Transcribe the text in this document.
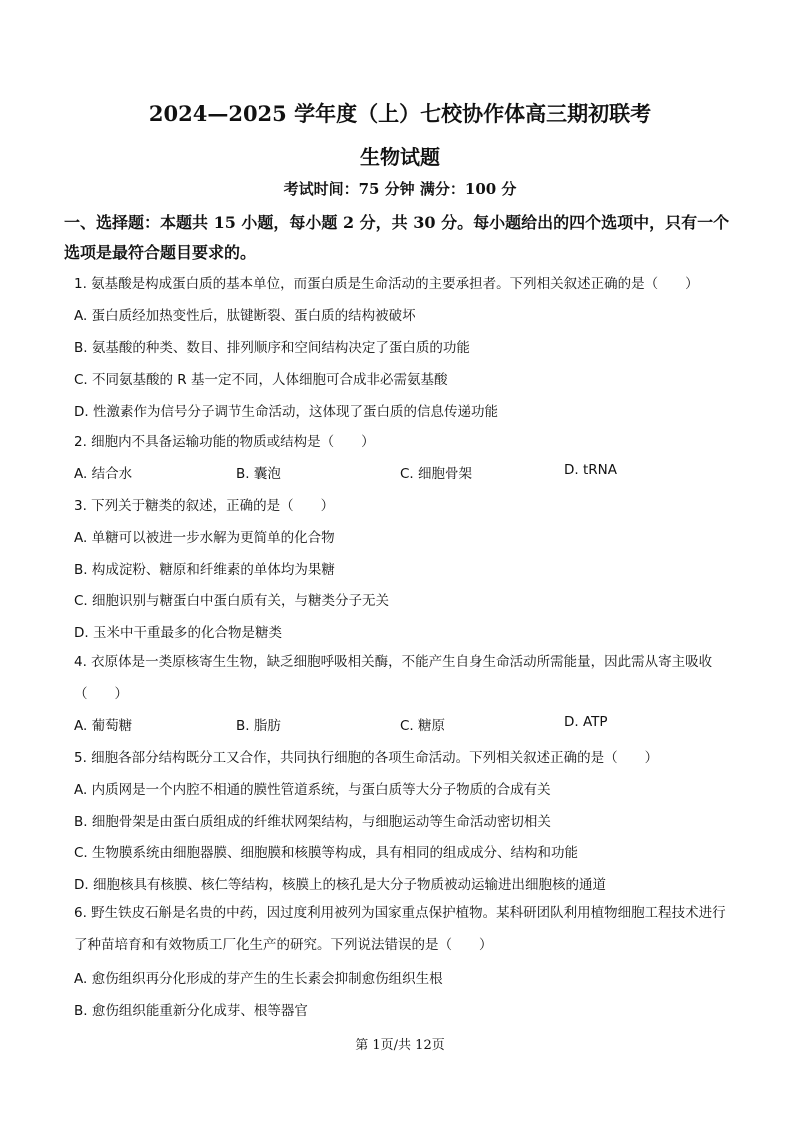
2024—2025 学年度（上）七校协作体高三期初联考
生物试题
考试时间：75 分钟 满分：100 分
一、选择题：本题共 15 小题，每小题 2 分，共 30 分。每小题给出的四个选项中，只有一个选项是最符合题目要求的。
1. 氨基酸是构成蛋白质的基本单位，而蛋白质是生命活动的主要承担者。下列相关叙述正确的是（　　）
A. 蛋白质经加热变性后，肽键断裂、蛋白质的结构被破坏
B. 氨基酸的种类、数目、排列顺序和空间结构决定了蛋白质的功能
C. 不同氨基酸的 R 基一定不同，人体细胞可合成非必需氨基酸
D. 性激素作为信号分子调节生命活动，这体现了蛋白质的信息传递功能
2. 细胞内不具备运输功能的物质或结构是（　　）
A. 结合水	B. 囊泡	C. 细胞骨架	D. tRNA
3. 下列关于糖类的叙述，正确的是（　　）
A. 单糖可以被进一步水解为更简单的化合物
B. 构成淀粉、糖原和纤维素的单体均为果糖
C. 细胞识别与糖蛋白中蛋白质有关，与糖类分子无关
D. 玉米中干重最多的化合物是糖类
4. 衣原体是一类原核寄生生物，缺乏细胞呼吸相关酶，不能产生自身生命活动所需能量，因此需从寄主吸收（　　）
A. 葡萄糖	B. 脂肪	C. 糖原	D. ATP
5. 细胞各部分结构既分工又合作，共同执行细胞的各项生命活动。下列相关叙述正确的是（　　）
A. 内质网是一个内腔不相通的膜性管道系统，与蛋白质等大分子物质的合成有关
B. 细胞骨架是由蛋白质组成的纤维状网架结构，与细胞运动等生命活动密切相关
C. 生物膜系统由细胞器膜、细胞膜和核膜等构成，具有相同的组成成分、结构和功能
D. 细胞核具有核膜、核仁等结构，核膜上的核孔是大分子物质被动运输进出细胞核的通道
6. 野生铁皮石斛是名贵的中药，因过度利用被列为国家重点保护植物。某科研团队利用植物细胞工程技术进行了种苗培育和有效物质工厂化生产的研究。下列说法错误的是（　　）
A. 愈伤组织再分化形成的芽产生的生长素会抑制愈伤组织生根
B. 愈伤组织能重新分化成芽、根等器官
第 1页/共 12页
